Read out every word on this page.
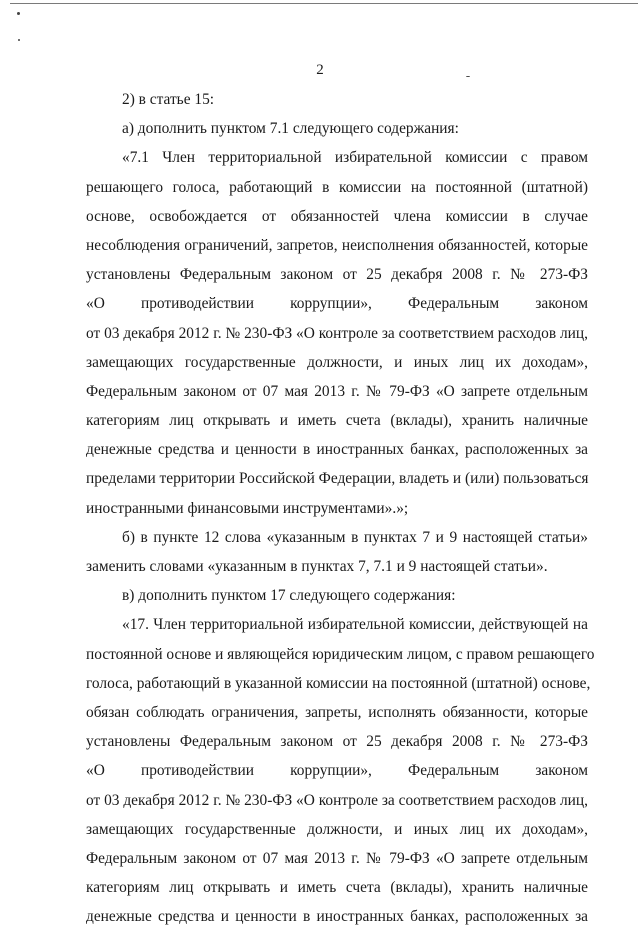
2

2) в статье 15:

а) дополнить пунктом 7.1 следующего содержания:

«7.1 Член территориальной избирательной комиссии с правом
решающего голоса, работающий в комиссии на постоянной (штатной)
основе, освобождается от обязанностей члена комиссии в случае
несоблюдения ограничений, запретов, неисполнения обязанностей, которые
установлены Федеральным законом от 25 декабря 2008 г. № 273-ФЗ
«О противодействии коррупции», Федеральным законом
от 03 декабря 2012 г. № 230-ФЗ «О контроле за соответствием расходов лиц,
замещающих государственные должности, и иных лиц их доходам»,
Федеральным законом от 07 мая 2013 г. № 79-ФЗ «О запрете отдельным
категориям лиц открывать и иметь счета (вклады), хранить наличные
денежные средства и ценности в иностранных банках, расположенных за
пределами территории Российской Федерации, владеть и (или) пользоваться
иностранными финансовыми инструментами».»;

б) в пункте 12 слова «указанным в пунктах 7 и 9 настоящей статьи»
заменить словами «указанным в пунктах 7, 7.1 и 9 настоящей статьи».

в) дополнить пунктом 17 следующего содержания:

«17. Член территориальной избирательной комиссии, действующей на
постоянной основе и являющейся юридическим лицом, с правом решающего
голоса, работающий в указанной комиссии на постоянной (штатной) основе,
обязан соблюдать ограничения, запреты, исполнять обязанности, которые
установлены Федеральным законом от 25 декабря 2008 г. № 273-ФЗ
«О противодействии коррупции», Федеральным законом
от 03 декабря 2012 г. № 230-ФЗ «О контроле за соответствием расходов лиц,
замещающих государственные должности, и иных лиц их доходам»,
Федеральным законом от 07 мая 2013 г. № 79-ФЗ «О запрете отдельным
категориям лиц открывать и иметь счета (вклады), хранить наличные
денежные средства и ценности в иностранных банках, расположенных за
